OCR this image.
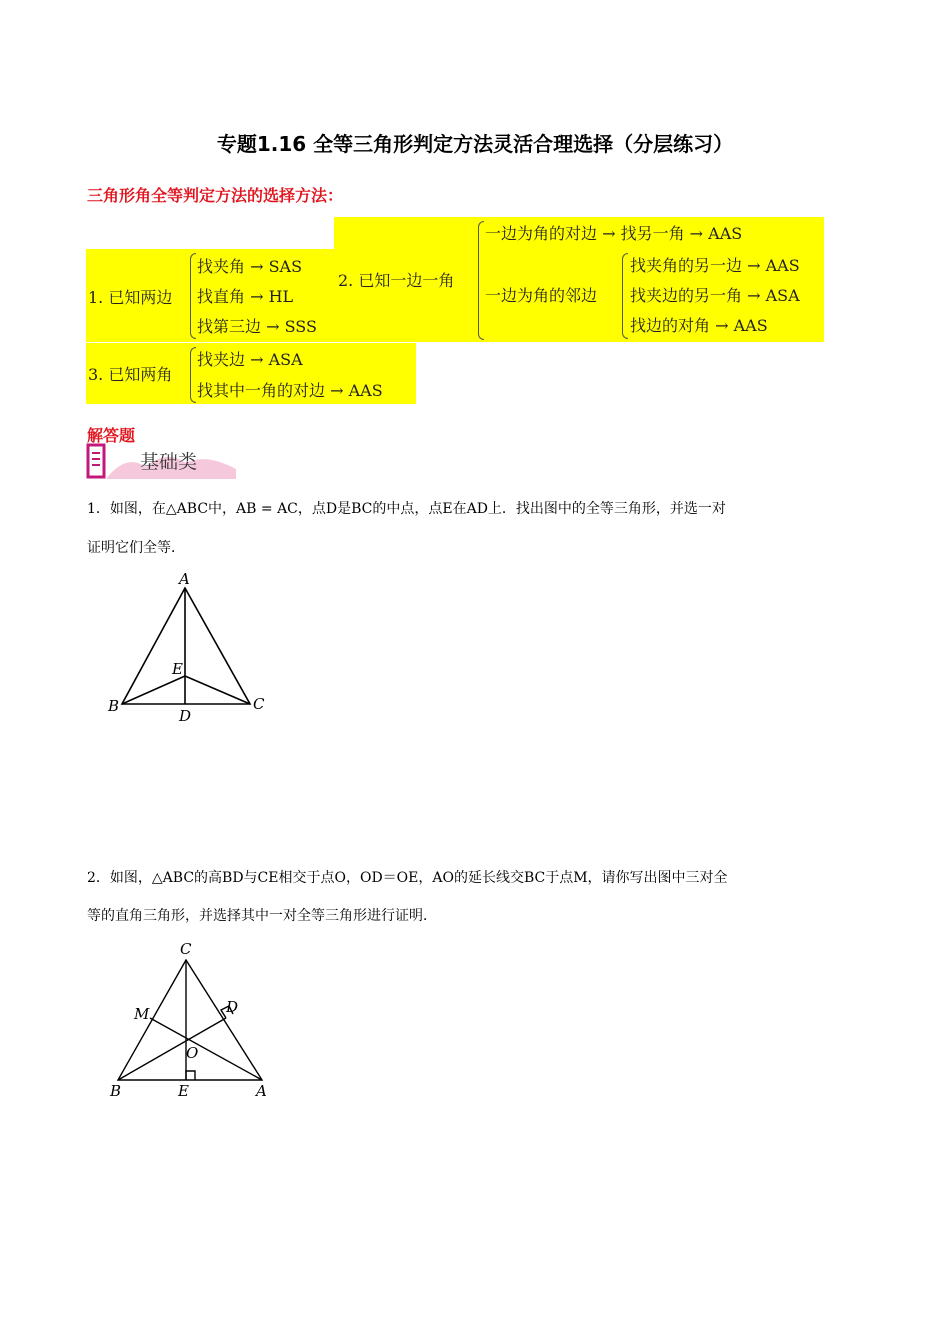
专题1.16 全等三角形判定方法灵活合理选择（分层练习）
三角形角全等判定方法的选择方法：
1. 已知两边
找夹角 → SAS
找直角 → HL
找第三边 → SSS
2. 已知一边一角
一边为角的对边 → 找另一角 → AAS
一边为角的邻边
找夹角的另一边 → AAS
找夹边的另一角 → ASA
找边的对角 → AAS
3. 已知两角
找夹边 → ASA
找其中一角的对边 → AAS
解答题
基础类
1．如图，在△ABC中，AB = AC，点D是BC的中点，点E在AD上．找出图中的全等三角形，并选一对
证明它们全等．
A
E
B	C
D
C
M	D
O
B	E	A
2．如图，△ABC的高BD与CE相交于点O，OD＝OE，AO的延长线交BC于点M，请你写出图中三对全
等的直角三角形，并选择其中一对全等三角形进行证明．
